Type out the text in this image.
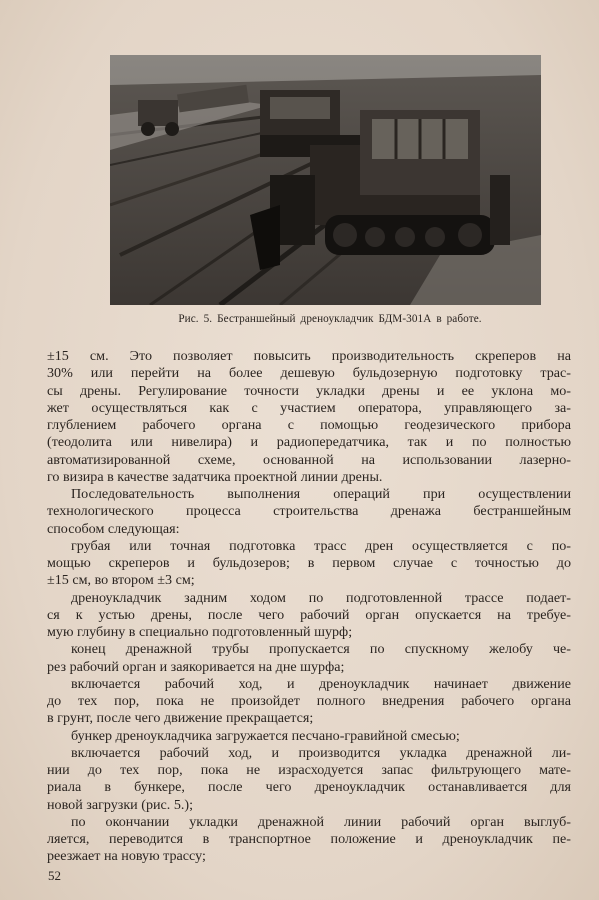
Рис. 5. Бестраншейный дреноукладчик БДМ-301А в работе.
±15 см. Это позволяет повысить производительность скреперов на
30% или перейти на более дешевую бульдозерную подготовку трас-
сы дрены. Регулирование точности укладки дрены и ее уклона мо-
жет осуществляться как с участием оператора, управляющего за-
глублением рабочего органа с помощью геодезического прибора
(теодолита или нивелира) и радиопередатчика, так и по полностью
автоматизированной схеме, основанной на использовании лазерно-
го визира в качестве задатчика проектной линии дрены.
Последовательность выполнения операций при осуществлении
технологического процесса строительства дренажа бестраншейным
способом следующая:
грубая или точная подготовка трасс дрен осуществляется с по-
мощью скреперов и бульдозеров; в первом случае с точностью до
±15 см, во втором ±3 см;
дреноукладчик задним ходом по подготовленной трассе подает-
ся к устью дрены, после чего рабочий орган опускается на требуе-
мую глубину в специально подготовленный шурф;
конец дренажной трубы пропускается по спускному желобу че-
рез рабочий орган и заякоривается на дне шурфа;
включается рабочий ход, и дреноукладчик начинает движение
до тех пор, пока не произойдет полного внедрения рабочего органа
в грунт, после чего движение прекращается;
бункер дреноукладчика загружается песчано-гравийной смесью;
включается рабочий ход, и производится укладка дренажной ли-
нии до тех пор, пока не израсходуется запас фильтрующего мате-
риала в бункере, после чего дреноукладчик останавливается для
новой загрузки (рис. 5.);
по окончании укладки дренажной линии рабочий орган выглуб-
ляется, переводится в транспортное положение и дреноукладчик пе-
реезжает на новую трассу;
52
